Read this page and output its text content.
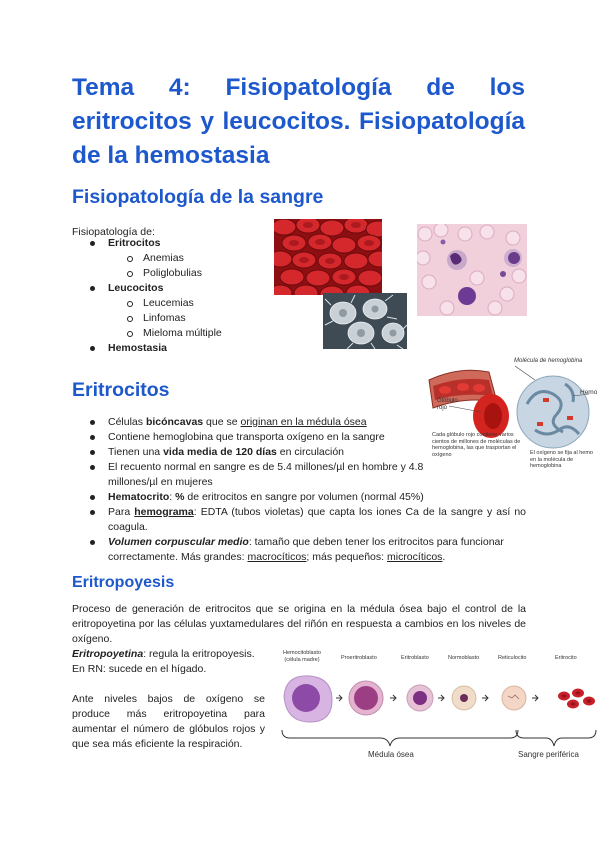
Tema 4: Fisiopatología de los eritrocitos y leucocitos. Fisiopatología de la hemostasia
Fisiopatología de la sangre
Fisiopatología de:
Eritrocitos
Anemias
Poliglobulias
Leucocitos
Leucemias
Linfomas
Mieloma múltiple
Hemostasia
Molécula de hemoglobina
Hemo
Glóbulo
rojo
Cada glóbulo rojo contiene varios cientos de millones de moléculas de hemoglobina, las que trasportan el oxígeno	El oxígeno se fija al hemo en la molécula de hemoglobina
Eritrocitos
Células bicóncavas que se originan en la médula ósea
Contiene hemoglobina que transporta oxígeno en la sangre
Tienen una vida media de 120 días en circulación
El recuento normal en sangre es de 5.4 millones/µl en hombre y 4.8 millones/µl en mujeres
Hematocrito: % de eritrocitos en sangre por volumen (normal 45%)
Para hemograma: EDTA (tubos violetas) que capta los iones Ca de la sangre y así no coagula.
Volumen corpuscular medio: tamaño que deben tener los eritrocitos para funcionar correctamente. Más grandes: macrocíticos; más pequeños: microcíticos.
Eritropoyesis
Proceso de generación de eritrocitos que se origina en la médula ósea bajo el control de la eritropoyetina por las células yuxtamedulares del riñón en respuesta a cambios en los niveles de oxígeno.
Eritropoyetina: regula la eritropoyesis.
En RN: sucede en el hígado.
Ante niveles bajos de oxígeno se produce más eritropoyetina para aumentar el número de glóbulos rojos y que sea más eficiente la respiración.
Hemocitoblasto
(célula madre)	Proeritroblasto	Eritroblasto	Normoblasto	Reticulocito	Eritrocito
Médula ósea	Sangre periférica
